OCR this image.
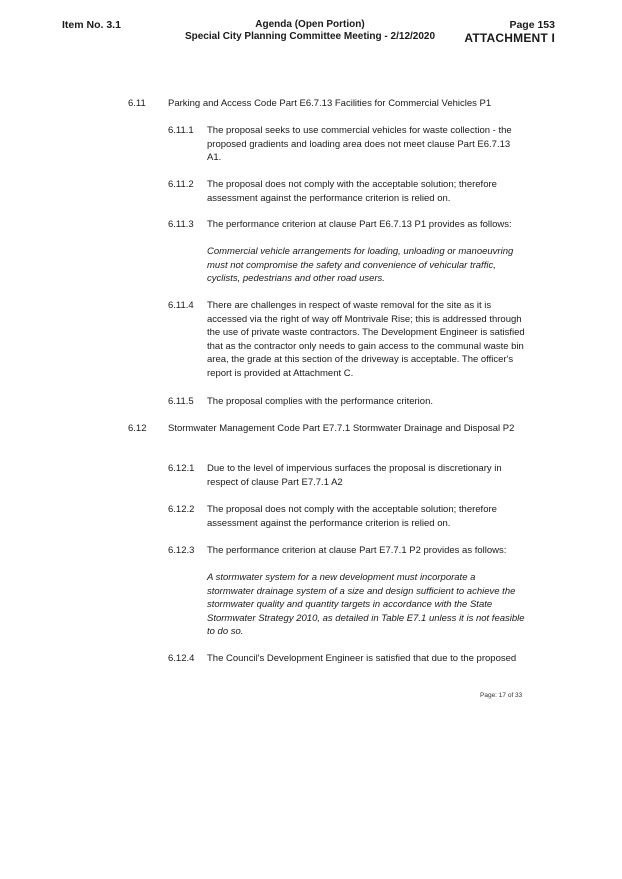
Item No. 3.1	Agenda (Open Portion)
Special City Planning Committee Meeting - 2/12/2020
Page 153
ATTACHMENT I
6.11 Parking and Access Code Part E6.7.13 Facilities for Commercial Vehicles P1
6.11.1 The proposal seeks to use commercial vehicles for waste collection - the proposed gradients and loading area does not meet clause Part E6.7.13 A1.
6.11.2 The proposal does not comply with the acceptable solution; therefore assessment against the performance criterion is relied on.
6.11.3 The performance criterion at clause Part E6.7.13 P1 provides as follows:
Commercial vehicle arrangements for loading, unloading or manoeuvring must not compromise the safety and convenience of vehicular traffic, cyclists, pedestrians and other road users.
6.11.4 There are challenges in respect of waste removal for the site as it is accessed via the right of way off Montrivale Rise; this is addressed through the use of private waste contractors. The Development Engineer is satisfied that as the contractor only needs to gain access to the communal waste bin area, the grade at this section of the driveway is acceptable. The officer's report is provided at Attachment C.
6.11.5 The proposal complies with the performance criterion.
6.12 Stormwater Management Code Part E7.7.1 Stormwater Drainage and Disposal P2
6.12.1 Due to the level of impervious surfaces the proposal is discretionary in respect of clause Part E7.7.1 A2
6.12.2 The proposal does not comply with the acceptable solution; therefore assessment against the performance criterion is relied on.
6.12.3 The performance criterion at clause Part E7.7.1 P2 provides as follows:
A stormwater system for a new development must incorporate a stormwater drainage system of a size and design sufficient to achieve the stormwater quality and quantity targets in accordance with the State Stormwater Strategy 2010, as detailed in Table E7.1 unless it is not feasible to do so.
6.12.4 The Council's Development Engineer is satisfied that due to the proposed
Page: 17 of 33
